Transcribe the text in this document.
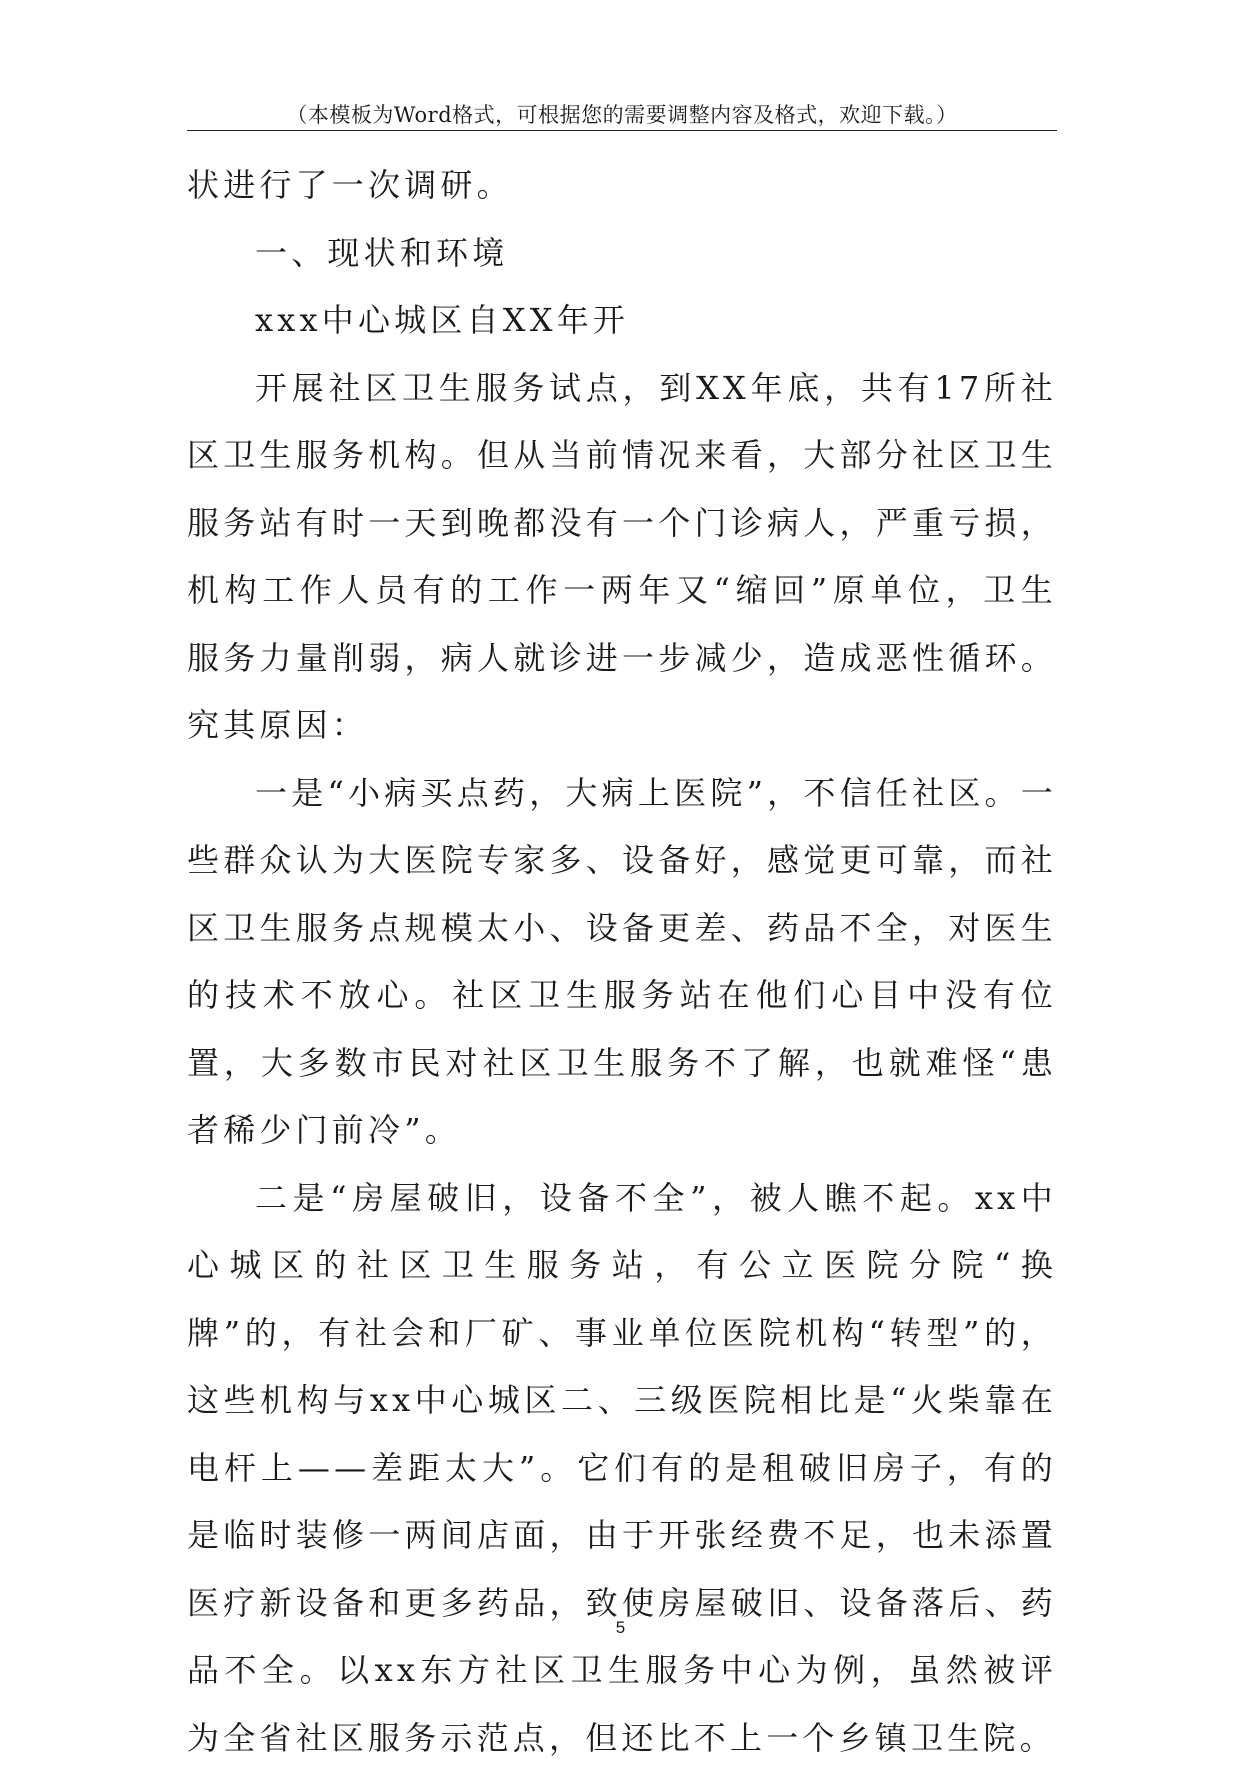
（本模板为Word格式，可根据您的需要调整内容及格式，欢迎下载。）

状进行了一次调研。

一、现状和环境

xxx中心城区自XX年开

开展社区卫生服务试点，到XX年底，共有17所社区卫生服务机构。但从当前情况来看，大部分社区卫生服务站有时一天到晚都没有一个门诊病人，严重亏损，机构工作人员有的工作一两年又“缩回”原单位，卫生服务力量削弱，病人就诊进一步减少，造成恶性循环。究其原因：

一是“小病买点药，大病上医院”，不信任社区。一些群众认为大医院专家多、设备好，感觉更可靠，而社区卫生服务点规模太小、设备更差、药品不全，对医生的技术不放心。社区卫生服务站在他们心目中没有位置，大多数市民对社区卫生服务不了解，也就难怪“患者稀少门前冷”。

二是“房屋破旧，设备不全”，被人瞧不起。xx中心城区的社区卫生服务站，有公立医院分院“换牌”的，有社会和厂矿、事业单位医院机构“转型”的，这些机构与xx中心城区二、三级医院相比是“火柴靠在电杆上——差距太大”。它们有的是租破旧房子，有的是临时装修一两间店面，由于开张经费不足，也未添置医疗新设备和更多药品，致使房屋破旧、设备落后、药品不全。以xx东方社区卫生服务中心为例，虽然被评为全省社区服务示范点，但还比不上一个乡镇卫生院。

5
